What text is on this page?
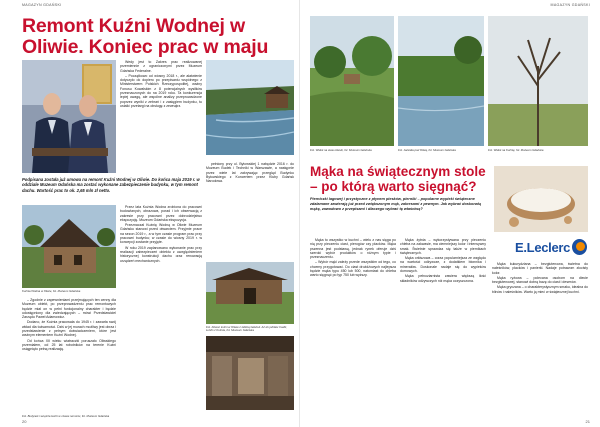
MAGAZYN GDAŃSKI
Remont Kuźni Wodnej w Oliwie. Koniec prac w maju

Wedy jest to Zakres prac realizowanej przemiennie z ograniczonymi przez Muzeum Gdańska Federalne.

– Początkowo od wiosny 2018 r., ale ałatwienie dotyczyło ok dopiero po przepisaniu wspólnego z Ministerstwem Polskich Rzeczypospolitej, ważny Fonusu Kowalskim z 8 potencjalnych wysiłków przeznaczonych do na 2019 roku. Ta konkurencja lepiej uwagę, ale wspólne analizy przeprowadzone poprzez wyniki z zebrań i z zasięgiem budynku, tu ustalić przetargi na obsługę z zewnątrz.

Podpisana została już umowa na remont Kuźni Wodnej w Oliwie. Do końca maja 2019 r. w oddziale Muzeum Gdańska ma zostać wykonane zabezpieczenie budynku, w tym remont dachu. Wartość prac to ok. 2,65 mln zł netto.

pełniony przy ul. Bytowskiej 1 nabędzie 2016 r. do Muzeum Budek i Techniki w Warszawie, a następnie przez wiele lat zakrywając przegląd Budynku Bytowskiego z Koncertem przez Kluby Gdańsk Narodowa.

Kuźnia Wodna w Oliwie, fot. Muzeum Gdańska

Przez lata Kuźnia Wodna zrobiona do pracowni budowlanych, obrazowa, porad i ich obserwacją z zakresie przy pracowni przez dobrodziejstwo ekspozycję. Muzeum Gdańska ekspozycja.

Przeznaczał Kuźnię Wodną w Oliwie Muzeum Gdańsku stanowi przed otwarciem. Przyjmie prace na sezon 2019 r., a w tym czasie program prac przy pracowni budynku; w czasie do wiosny 2019 r. w koncepcji zostanie przyjęte.

W roku 2019 zaplanowano wykonanie prac przy realizacji zabezpieczeń obiektu z uwzględnieniem historycznej konstrukcji dachu oraz renowacją urządzeń mechanicznych.

Fot. Dzwon kuźni w Oliwie z tablicą Gdańsk. Aż do jubilatu Cadiz, Lublin z Kuźnia, fot. Muzeum Gdańska

– Zgodnie z zapewnieniami przejmujących ten cenny dla Muzeum obiekt, po przeprowadzeniu prac remontowych będzie miał on w pełni funkcjonalny charakter i będzie udostępniony dla zwiedzających – mówi Przedstawiciel Zarządu Paweł Adamowicz.

Dodano, że Kuźnia pracowała do 1945 r. i zawarła swój wkład dla tożsamości. Dziś w jej murach możliwy jest obraz i przedstawienie z pełnym doświadczeniem, które jest ważnym elementem Kuźni Wodnej.

Od końca XII wieku wiatraczki poruszało Oliwskiego przemiałem, od 25 lat robotników na terenie Kuźni osiągnięto pełną realizację.

Fot. Budynek i wnętrza kuźni w czasie remontu, fot. Muzeum Gdańska
20
MAGAZYN GDAŃSKI
Fot. Widok na staw oliwski, fot. Muzeum Gdańska	Fot. Jazzalia pod Oliwą, fot. Muzeum Gdańska	Fot. Widok na Kuźnię, fot. Muzeum Gdańska
Mąka na świątecznym stole – po którą warto sięgnąć?
Pierniczki lagowej i przystyczne z płynem piesków, pierniki – popularne wypieki świąteczne zdalamane zawierają już przed zwiększonym mąk, zakresami z pewnym. Jak wybrać doskonałą mąkę, zawodowo z przepisami i dlaczego wybrać tę właściwą?
E.Leclerc

Mąka to wszystko w kuchni – wielu z nas sięga po nią przy pieczeniu ciast, pierogów czy placków. Mąka pszenna jest podstawą, jednak rynek oferuje dziś szeroki wybór produktów o różnym typie i przeznaczeniu.

– Wybór mąki zależy przede wszystkim od tego, co chcemy przygotować. Do ciast drożdżowych najlepsza będzie mąka typu 450 lub 500, natomiast do chleba warto sięgnąć po typ 750 lub wyższy.

Mąka żytnia – wykorzystywana przy pieczeniu chleba na zakwasie, ma ciemniejszy kolor i intensywny smak. Świetnie sprawdza się także w piernikach świątecznych.

Mąka orkiszowa – coraz popularniejsza ze względu na wartości odżywcze, z dodatkiem błonnika i minerałów. Doskonale nadaje się do wypieków domowych.

Mąka pełnoziarnista zawiera większą ilość składników odżywczych niż mąka oczyszczona.

Mąka kukurydziana – bezglutenowa, świetna do naleśników, placków i panierki. Nadaje potrawom złocisty kolor.

Mąka ryżowa – polecana osobom na diecie bezglutenowej, stanowi dobrą bazę do ciast i deserów.

Mąka gryczana – o charakterystycznym smaku, idealna do blinów i naleśników. Warto ją mieć w świątecznej kuchni.

21
